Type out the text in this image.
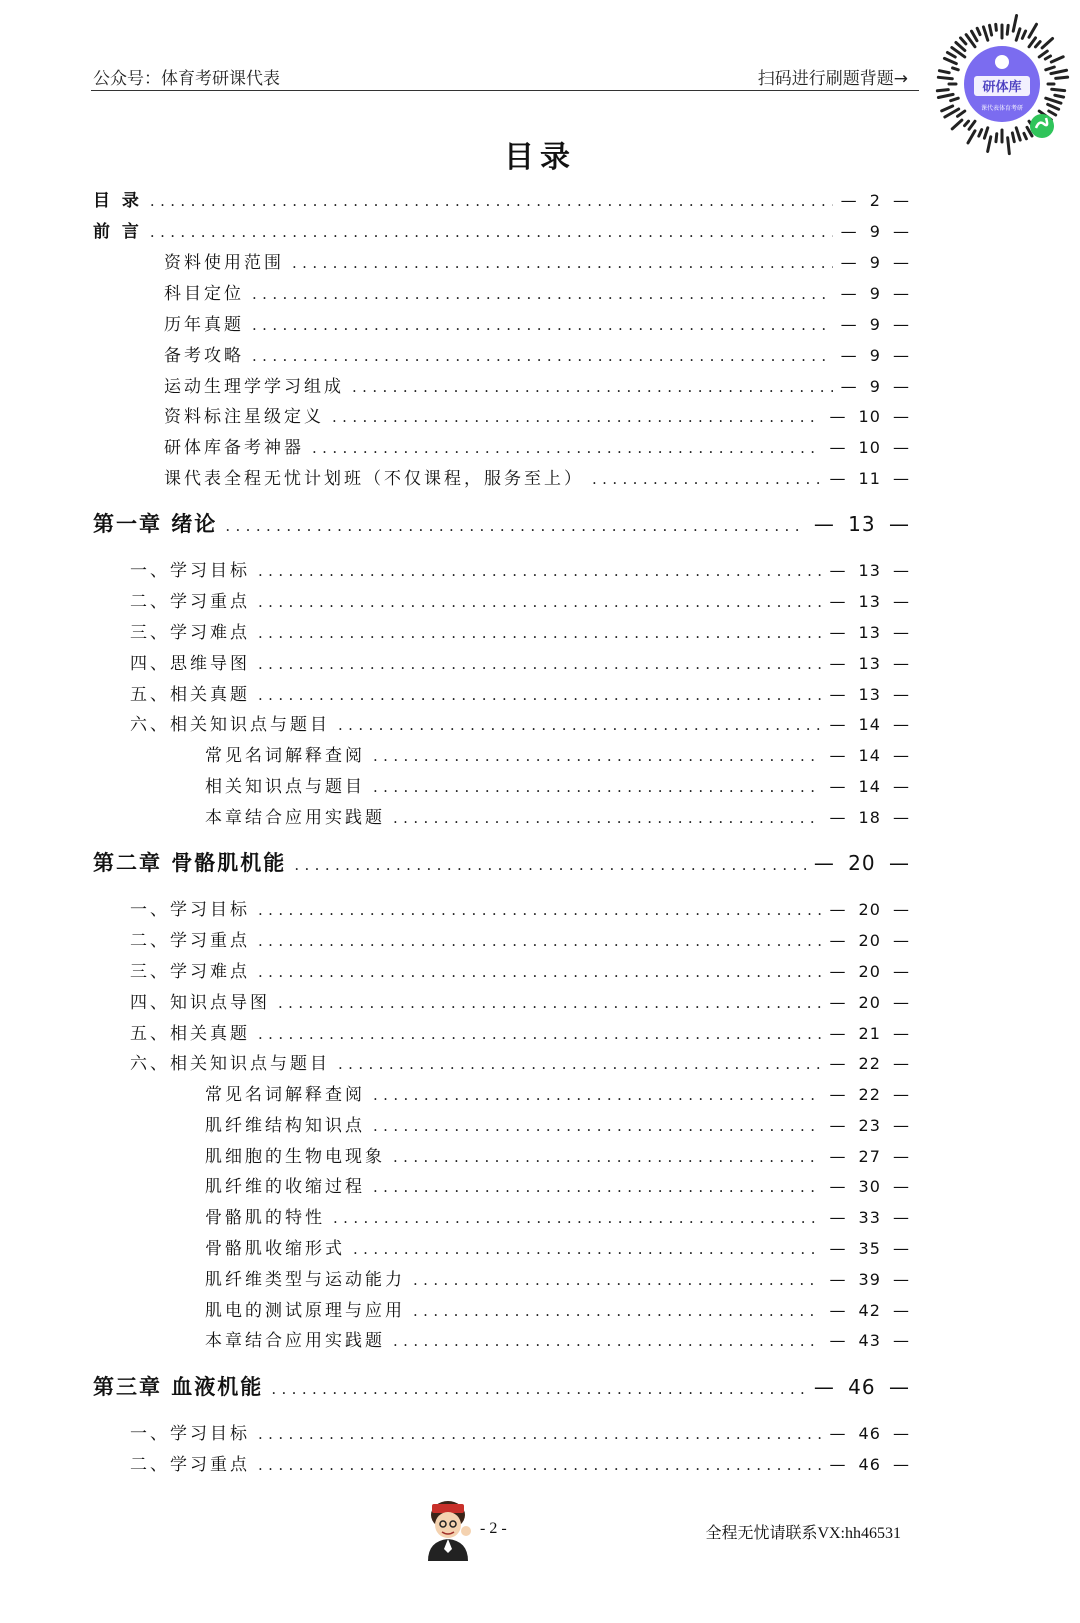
公众号：体育考研课代表	扫码进行刷题背题→	研体库
课代表体育考研
目录
目 录 .....	— 2 —
前 言 .....	— 9 —
资料使用范围 .....	— 9 —
科目定位 .....	— 9 —
历年真题 .....	— 9 —
备考攻略 .....	— 9 —
运动生理学学习组成 .....	— 9 —
资料标注星级定义 .....	— 10 —
研体库备考神器 .....	— 10 —
课代表全程无忧计划班（不仅课程，服务至上） .....	— 11 —
第一章 绪论 .....	— 13 —
一、学习目标 .....	— 13 —
二、学习重点 .....	— 13 —
三、学习难点 .....	— 13 —
四、思维导图 .....	— 13 —
五、相关真题 .....	— 13 —
六、相关知识点与题目 .....	— 14 —
常见名词解释查阅 .....	— 14 —
相关知识点与题目 .....	— 14 —
本章结合应用实践题 .....	— 18 —
第二章 骨骼肌机能 .....	— 20 —
一、学习目标 .....	— 20 —
二、学习重点 .....	— 20 —
三、学习难点 .....	— 20 —
四、知识点导图 .....	— 20 —
五、相关真题 .....	— 21 —
六、相关知识点与题目 .....	— 22 —
常见名词解释查阅 .....	— 22 —
肌纤维结构知识点 .....	— 23 —
肌细胞的生物电现象 .....	— 27 —
肌纤维的收缩过程 .....	— 30 —
骨骼肌的特性 .....	— 33 —
骨骼肌收缩形式 .....	— 35 —
肌纤维类型与运动能力 .....	— 39 —
肌电的测试原理与应用 .....	— 42 —
本章结合应用实践题 .....	— 43 —
第三章 血液机能 .....	— 46 —
一、学习目标 .....	— 46 —
二、学习重点 .....	— 46 —
- 2 -	全程无忧请联系VX:hh46531
